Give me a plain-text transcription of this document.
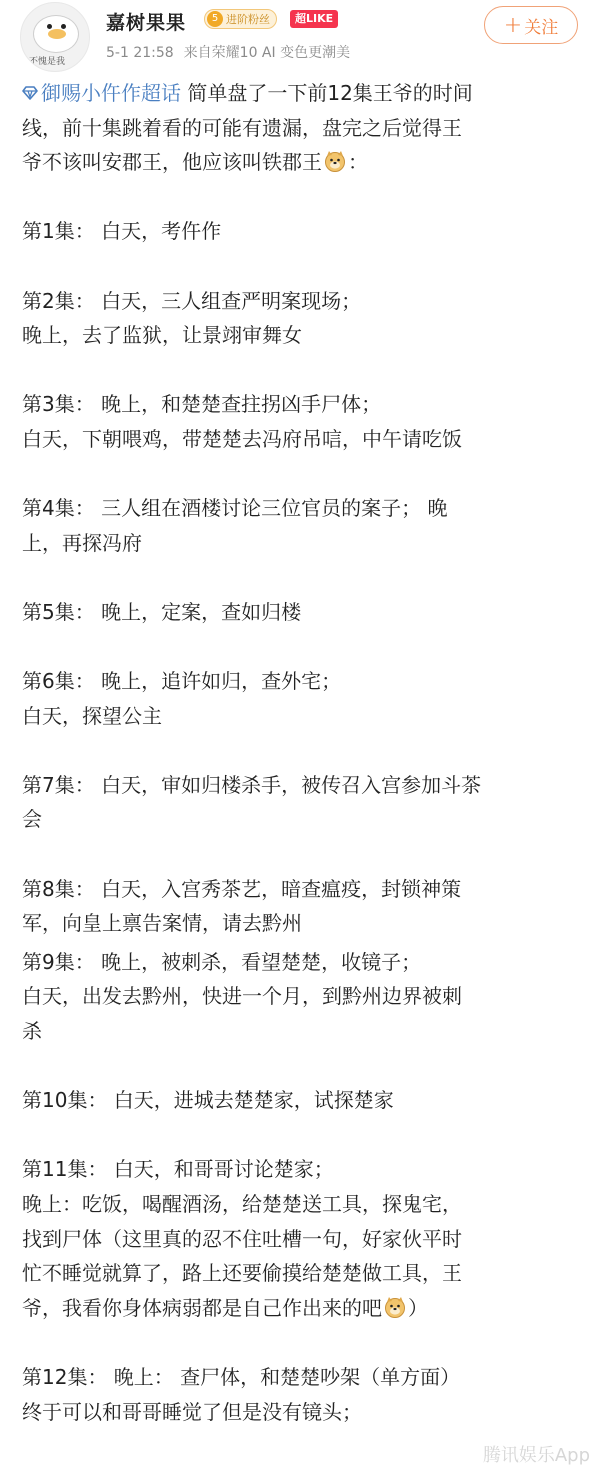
不愧是我
嘉树果果	5 进阶粉丝	超LIKE
5-1 21:58 来自荣耀10 AI 变色更潮美
+ 关注
御赐小仵作超话 简单盘了一下前12集王爷的时间
线，前十集跳着看的可能有遗漏，盘完之后觉得王
爷不该叫安郡王，他应该叫铁郡王 ：
第1集： 白天，考仵作
第2集： 白天，三人组查严明案现场；
晚上，去了监狱，让景翊审舞女
第3集： 晚上，和楚楚查拄拐凶手尸体；
白天，下朝喂鸡，带楚楚去冯府吊唁，中午请吃饭
第4集： 三人组在酒楼讨论三位官员的案子； 晚
上，再探冯府
第5集： 晚上，定案，查如归楼
第6集： 晚上，追许如归，查外宅；
白天，探望公主
第7集： 白天，审如归楼杀手，被传召入宫参加斗茶
会
第8集： 白天，入宫秀茶艺，暗查瘟疫，封锁神策
军，向皇上禀告案情，请去黔州
第9集： 晚上，被刺杀，看望楚楚，收镜子；
白天，出发去黔州，快进一个月，到黔州边界被刺
杀
第10集： 白天，进城去楚楚家，试探楚家
第11集： 白天，和哥哥讨论楚家；
晚上：吃饭，喝醒酒汤，给楚楚送工具，探鬼宅，
找到尸体（这里真的忍不住吐槽一句，好家伙平时
忙不睡觉就算了，路上还要偷摸给楚楚做工具，王
爷，我看你身体病弱都是自己作出来的吧 ）
第12集： 晚上： 查尸体，和楚楚吵架（单方面）
终于可以和哥哥睡觉了但是没有镜头；
腾讯娱乐App
